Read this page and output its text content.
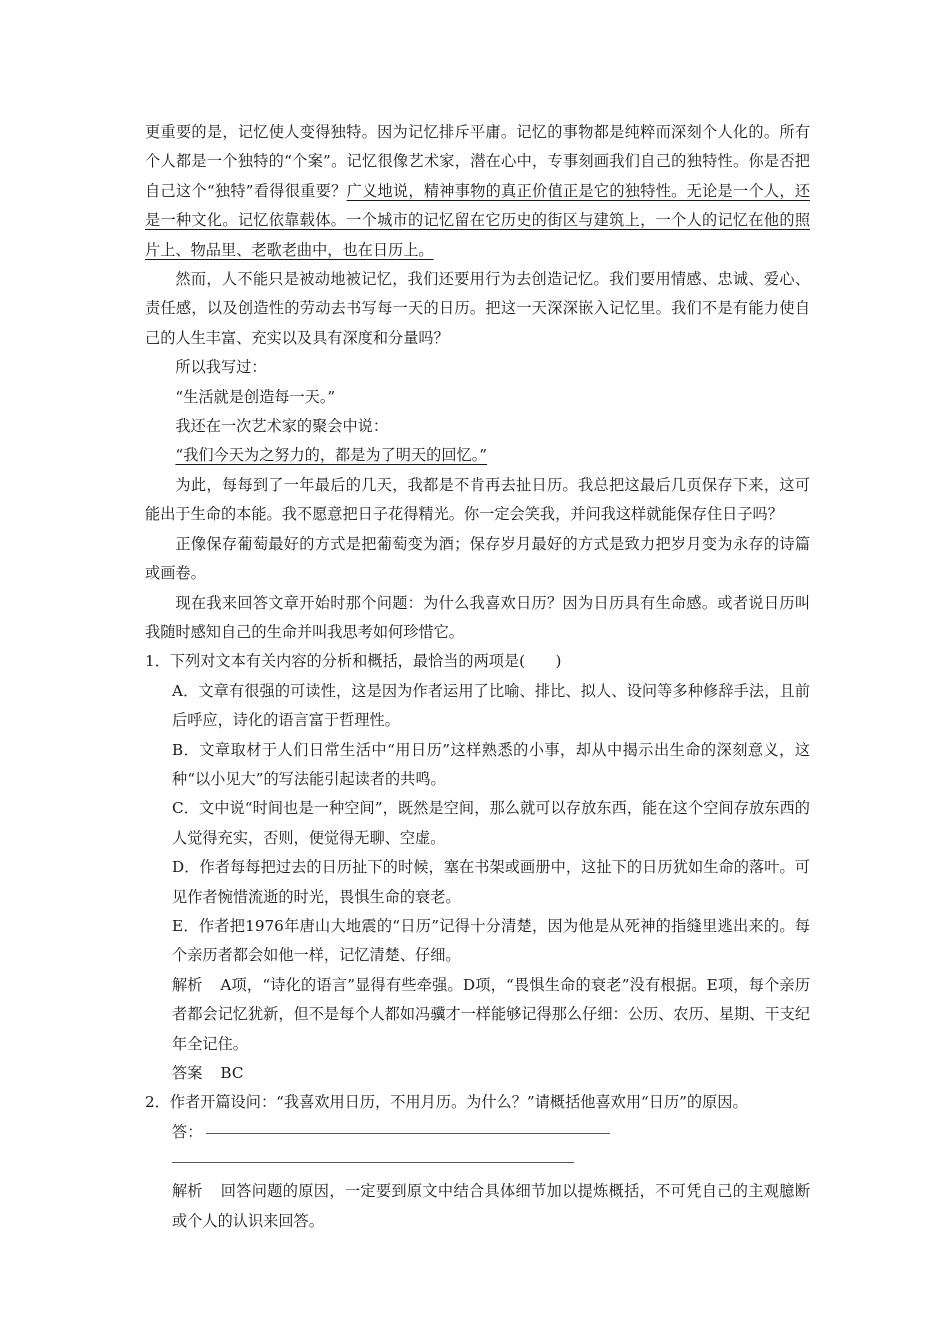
更重要的是，记忆使人变得独特。因为记忆排斥平庸。记忆的事物都是纯粹而深刻个人化的。所有个人都是一个独特的“个案”。记忆很像艺术家，潜在心中，专事刻画我们自己的独特性。你是否把自己这个“独特”看得很重要？广义地说，精神事物的真正价值正是它的独特性。无论是一个人，还是一种文化。记忆依靠载体。一个城市的记忆留在它历史的街区与建筑上，一个人的记忆在他的照片上、物品里、老歌老曲中，也在日历上。

然而，人不能只是被动地被记忆，我们还要用行为去创造记忆。我们要用情感、忠诚、爱心、责任感，以及创造性的劳动去书写每一天的日历。把这一天深深嵌入记忆里。我们不是有能力使自己的人生丰富、充实以及具有深度和分量吗？

所以我写过：

“生活就是创造每一天。”

我还在一次艺术家的聚会中说：

“我们今天为之努力的，都是为了明天的回忆。”

为此，每每到了一年最后的几天，我都是不肯再去扯日历。我总把这最后几页保存下来，这可能出于生命的本能。我不愿意把日子花得精光。你一定会笑我，并问我这样就能保存住日子吗？

正像保存葡萄最好的方式是把葡萄变为酒；保存岁月最好的方式是致力把岁月变为永存的诗篇或画卷。

现在我来回答文章开始时那个问题：为什么我喜欢日历？因为日历具有生命感。或者说日历叫我随时感知自己的生命并叫我思考如何珍惜它。

1．下列对文本有关内容的分析和概括，最恰当的两项是(　　)

A．文章有很强的可读性，这是因为作者运用了比喻、排比、拟人、设问等多种修辞手法，且前后呼应，诗化的语言富于哲理性。

B．文章取材于人们日常生活中“用日历”这样熟悉的小事，却从中揭示出生命的深刻意义，这种“以小见大”的写法能引起读者的共鸣。

C．文中说“时间也是一种空间”，既然是空间，那么就可以存放东西，能在这个空间存放东西的人觉得充实，否则，便觉得无聊、空虚。

D．作者每每把过去的日历扯下的时候，塞在书架或画册中，这扯下的日历犹如生命的落叶。可见作者惋惜流逝的时光，畏惧生命的衰老。

E．作者把1976年唐山大地震的“日历”记得十分清楚，因为他是从死神的指缝里逃出来的。每个亲历者都会如他一样，记忆清楚、仔细。

解析 A项，“诗化的语言”显得有些牵强。D项，“畏惧生命的衰老”没有根据。E项，每个亲历者都会记忆犹新，但不是每个人都如冯骥才一样能够记得那么仔细：公历、农历、星期、干支纪年全记住。

答案 BC

2．作者开篇设问：“我喜欢用日历，不用月历。为什么？”请概括他喜欢用“日历”的原因。

答：

解析 回答问题的原因，一定要到原文中结合具体细节加以提炼概括，不可凭自己的主观臆断或个人的认识来回答。
